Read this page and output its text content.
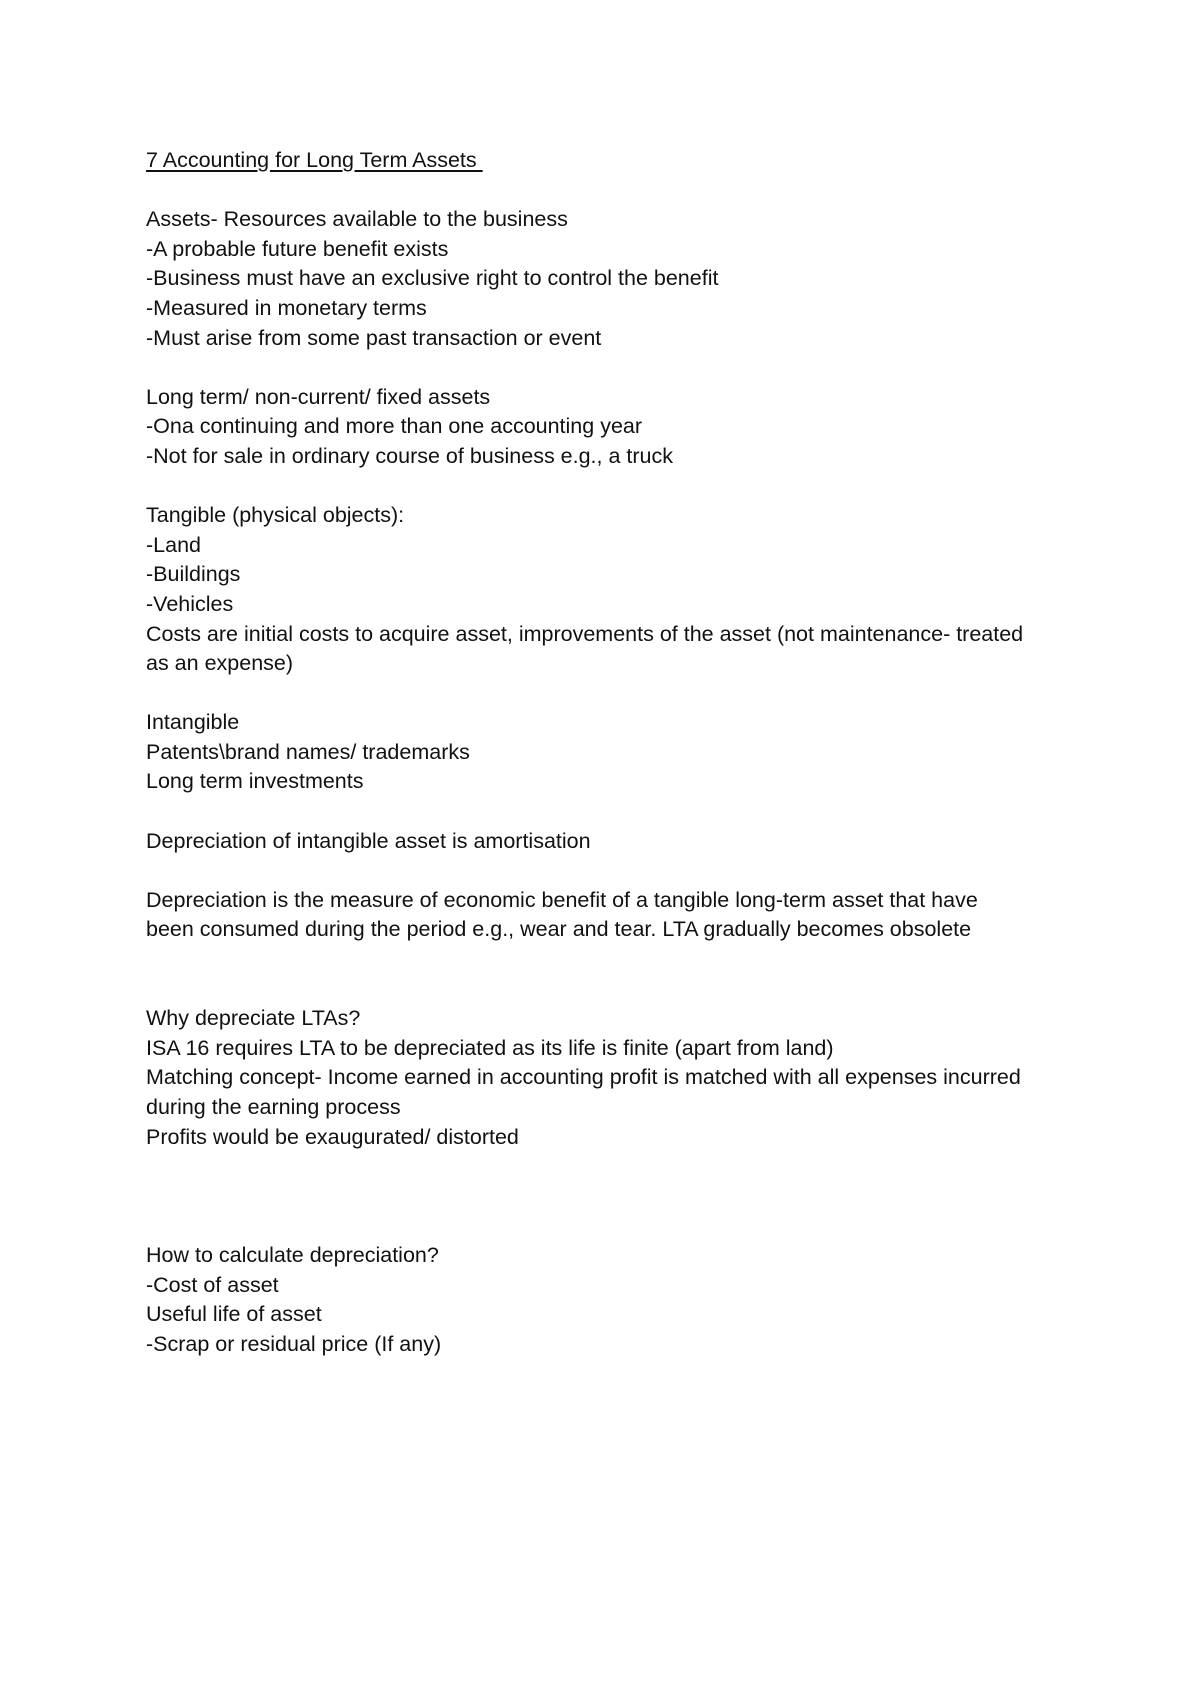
7 Accounting for Long Term Assets

Assets- Resources available to the business

-A probable future benefit exists

-Business must have an exclusive right to control the benefit

-Measured in monetary terms

-Must arise from some past transaction or event

Long term/ non-current/ fixed assets

-Ona continuing and more than one accounting year

-Not for sale in ordinary course of business e.g., a truck

Tangible (physical objects):

-Land

-Buildings

-Vehicles

Costs are initial costs to acquire asset, improvements of the asset (not maintenance- treated

as an expense)

Intangible

Patents\brand names/ trademarks

Long term investments

Depreciation of intangible asset is amortisation

Depreciation is the measure of economic benefit of a tangible long-term asset that have

been consumed during the period e.g., wear and tear. LTA gradually becomes obsolete

Why depreciate LTAs?

ISA 16 requires LTA to be depreciated as its life is finite (apart from land)

Matching concept- Income earned in accounting profit is matched with all expenses incurred

during the earning process

Profits would be exaugurated/ distorted

How to calculate depreciation?

-Cost of asset

Useful life of asset

-Scrap or residual price (If any)
